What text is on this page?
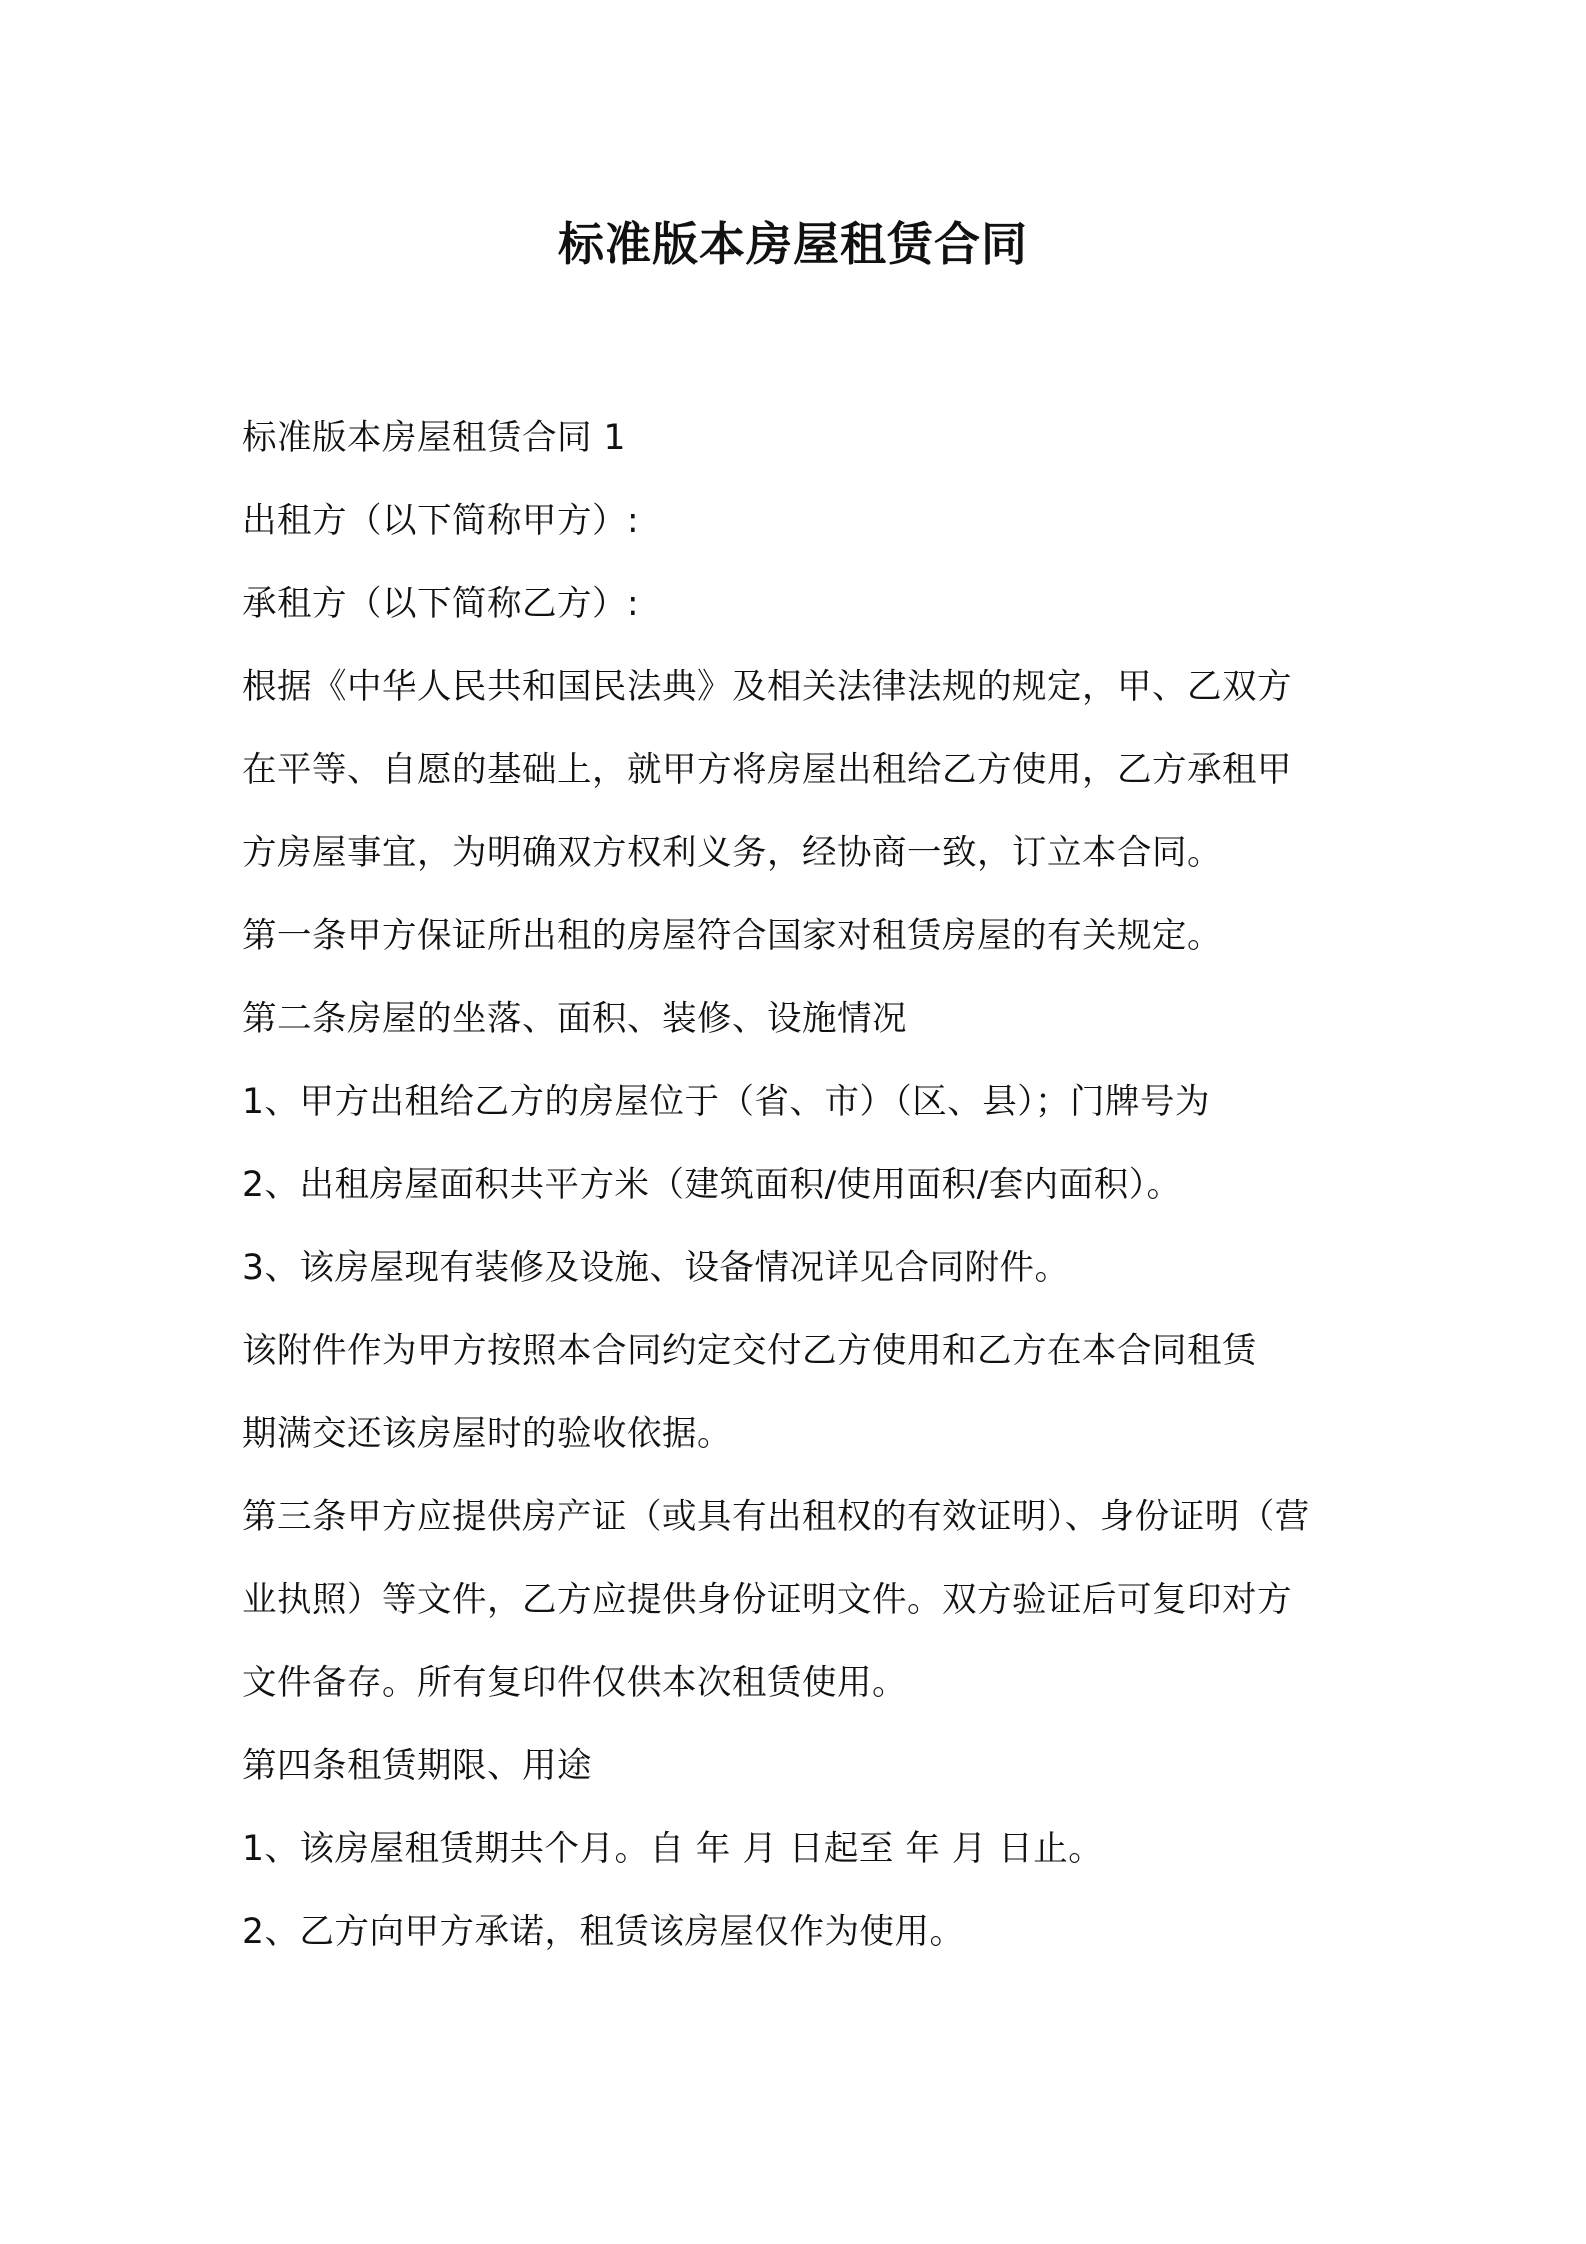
标准版本房屋租赁合同
标准版本房屋租赁合同 1
出租方（以下简称甲方）:
承租方（以下简称乙方）:
根据《中华人民共和国民法典》及相关法律法规的规定，甲、乙双方
在平等、自愿的基础上，就甲方将房屋出租给乙方使用，乙方承租甲
方房屋事宜，为明确双方权利义务，经协商一致，订立本合同。
第一条甲方保证所出租的房屋符合国家对租赁房屋的有关规定。
第二条房屋的坐落、面积、装修、设施情况
1、甲方出租给乙方的房屋位于（省、市）（区、县）；门牌号为
2、出租房屋面积共平方米（建筑面积/使用面积/套内面积）。
3、该房屋现有装修及设施、设备情况详见合同附件。
该附件作为甲方按照本合同约定交付乙方使用和乙方在本合同租赁
期满交还该房屋时的验收依据。
第三条甲方应提供房产证（或具有出租权的有效证明）、身份证明（营
业执照）等文件，乙方应提供身份证明文件。双方验证后可复印对方
文件备存。所有复印件仅供本次租赁使用。
第四条租赁期限、用途
1、该房屋租赁期共个月。自 年 月 日起至 年 月 日止。
2、乙方向甲方承诺，租赁该房屋仅作为使用。
